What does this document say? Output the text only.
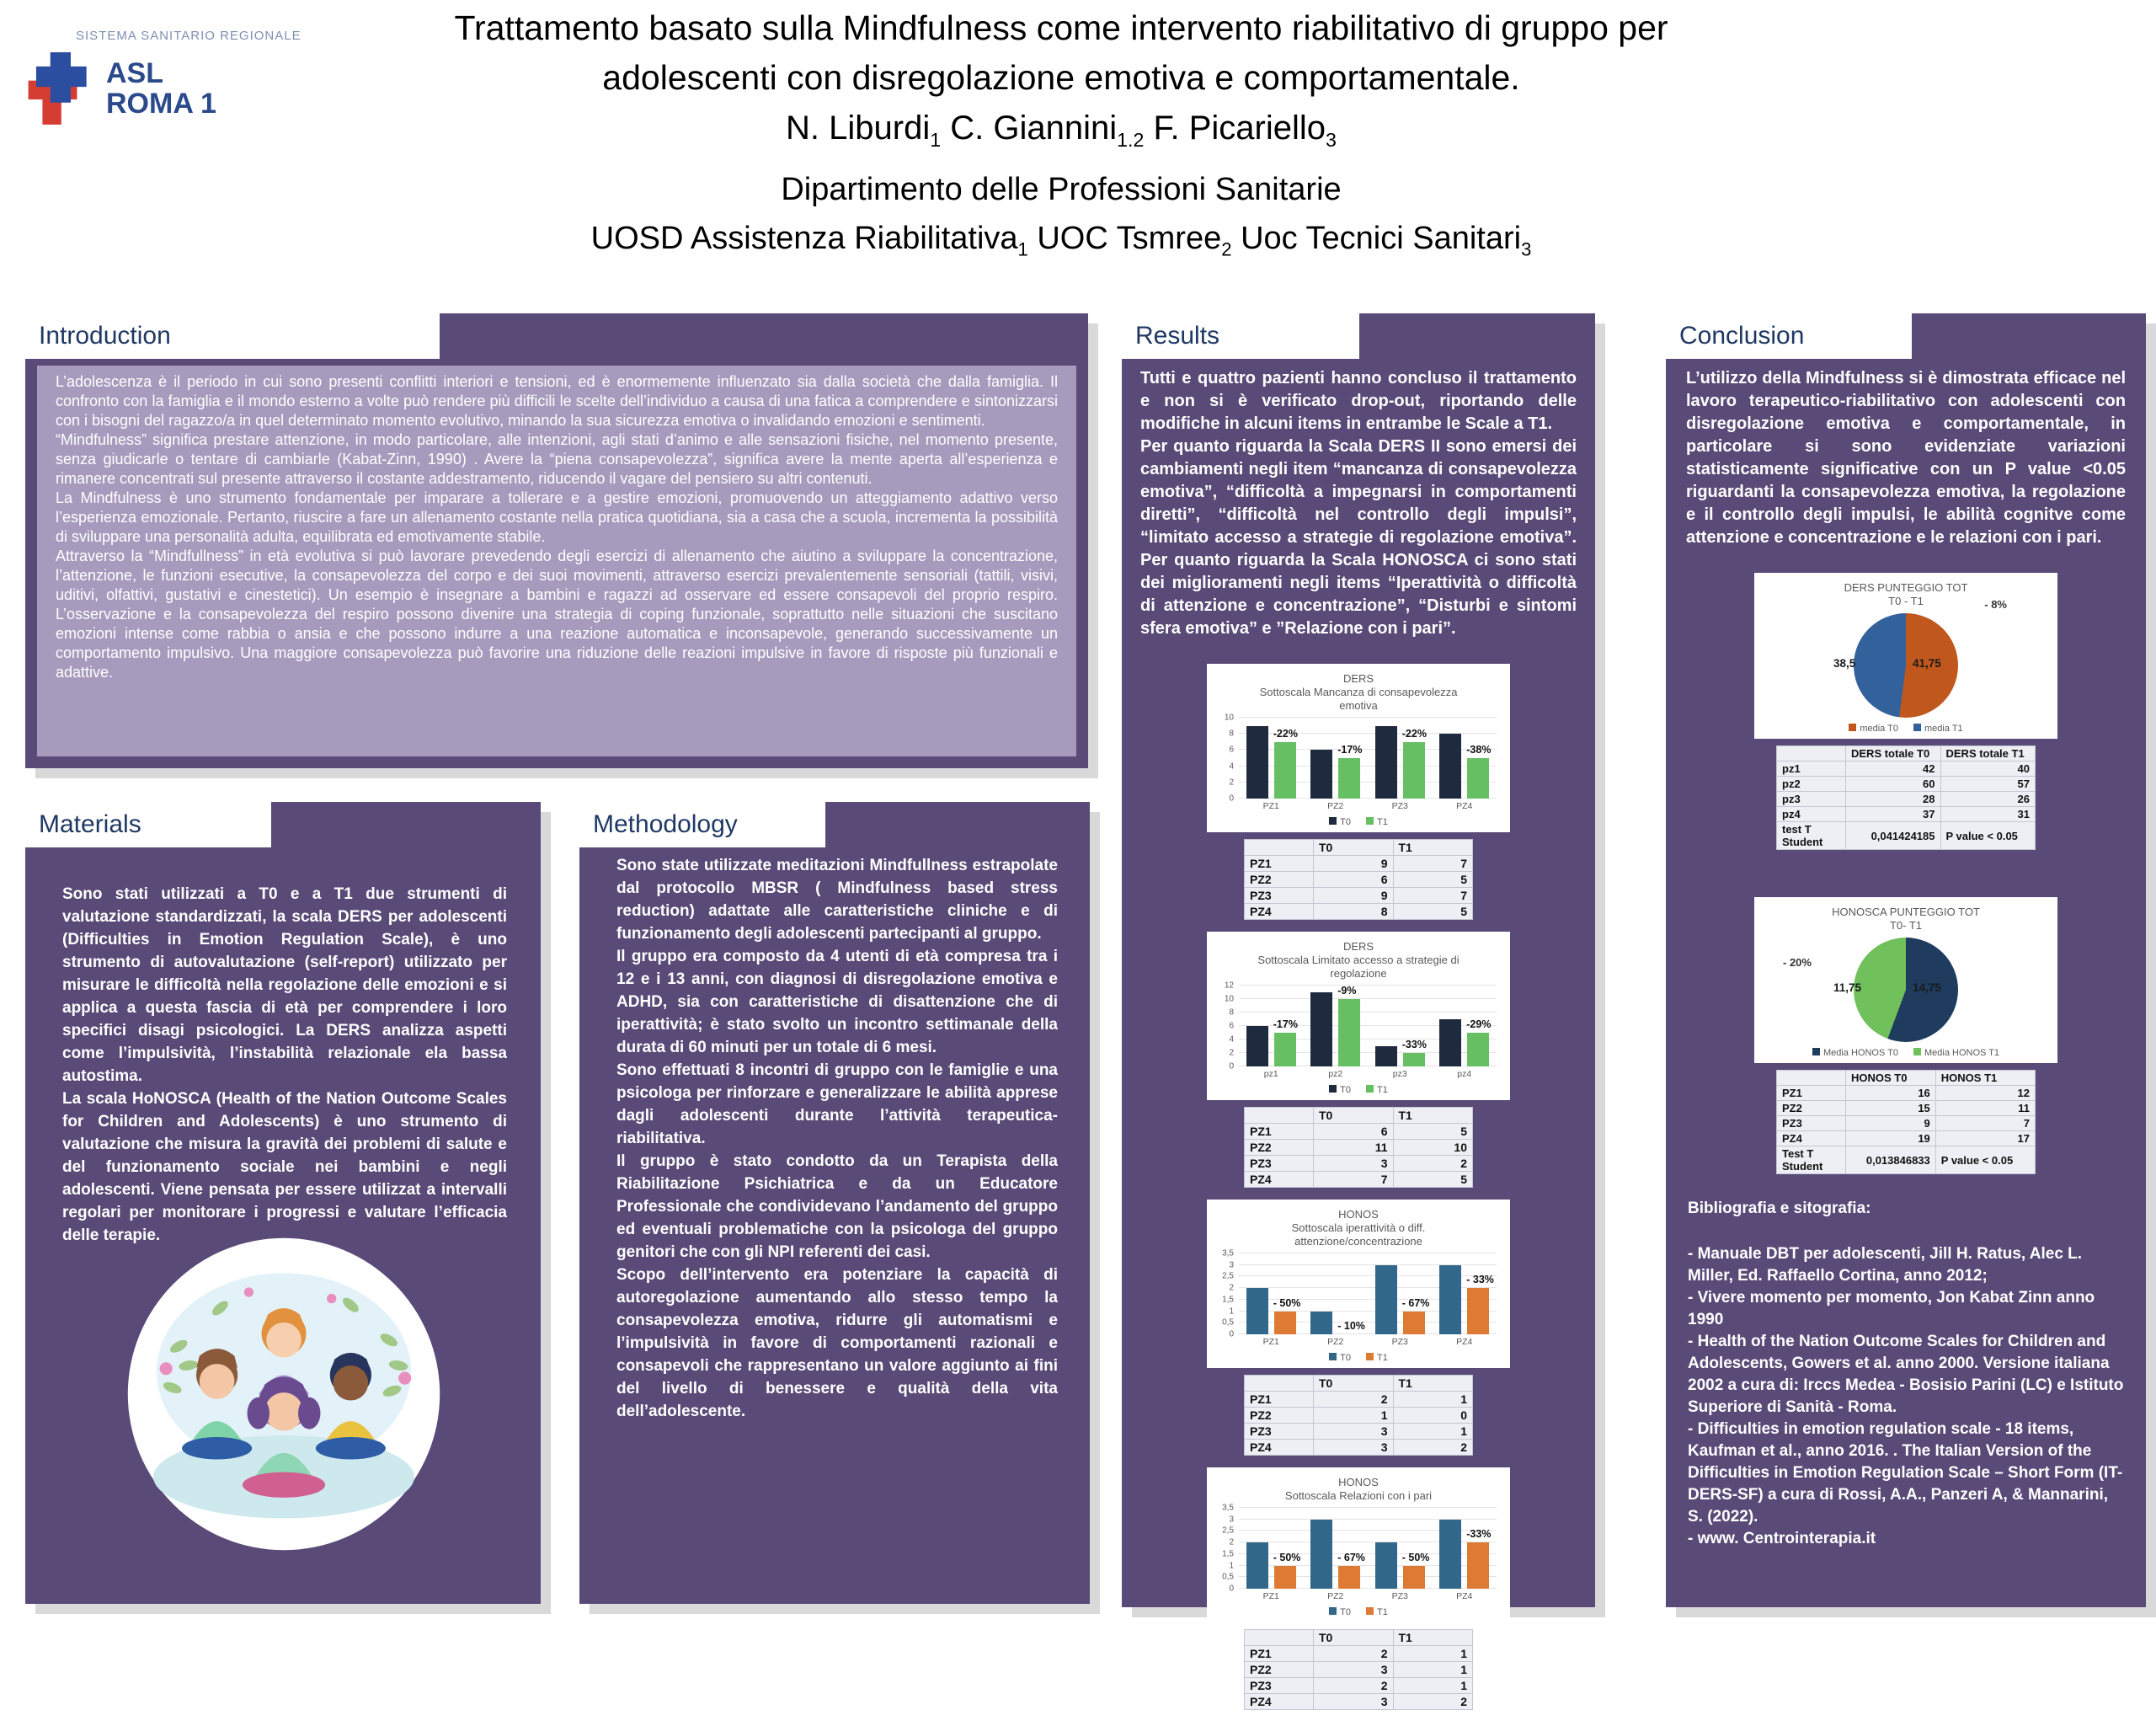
SISTEMA SANITARIO REGIONALE
ASL
ROMA 1
Trattamento basato sulla Mindfulness come intervento riabilitativo di gruppo per
adolescenti con disregolazione emotiva e comportamentale.
N. Liburdi$_1$ C. Giannini$_{1.2}$ F. Picariello$_3$
Dipartimento delle Professioni Sanitarie
UOSD Assistenza Riabilitativa$_1$ UOC Tsmree$_2$ Uoc Tecnici Sanitari$_3$
Introduction

L’adolescenza è il periodo in cui sono presenti conflitti interiori e tensioni, ed è enormemente influenzato sia dalla società che dalla famiglia. Il confronto con la famiglia e il mondo esterno a volte può rendere più difficili le scelte dell’individuo a causa di una fatica a comprendere e sintonizzarsi con i bisogni del ragazzo/a in quel determinato momento evolutivo, minando la sua sicurezza emotiva o invalidando emozioni e sentimenti.

“Mindfulness” significa prestare attenzione, in modo particolare, alle intenzioni, agli stati d’animo e alle sensazioni fisiche, nel momento presente, senza giudicarle o tentare di cambiarle (Kabat-Zinn, 1990) . Avere la “piena consapevolezza”, significa avere la mente aperta all’esperienza e rimanere concentrati sul presente attraverso il costante addestramento, riducendo il vagare del pensiero su altri contenuti.

La Mindfulness è uno strumento fondamentale per imparare a tollerare e a gestire emozioni, promuovendo un atteggiamento adattivo verso l’esperienza emozionale. Pertanto, riuscire a fare un allenamento costante nella pratica quotidiana, sia a casa che a scuola, incrementa la possibilità di sviluppare una personalità adulta, equilibrata ed emotivamente stabile.

Attraverso la “Mindfullness” in età evolutiva si può lavorare prevedendo degli esercizi di allenamento che aiutino a sviluppare la concentrazione, l’attenzione, le funzioni esecutive, la consapevolezza del corpo e dei suoi movimenti, attraverso esercizi prevalentemente sensoriali (tattili, visivi, uditivi, olfattivi, gustativi e cinestetici). Un esempio è insegnare a bambini e ragazzi ad osservare ed essere consapevoli del proprio respiro. L’osservazione e la consapevolezza del respiro possono divenire una strategia di coping funzionale, soprattutto nelle situazioni che suscitano emozioni intense come rabbia o ansia e che possono indurre a una reazione automatica e inconsapevole, generando successivamente un comportamento impulsivo. Una maggiore consapevolezza può favorire una riduzione delle reazioni impulsive in favore di risposte più funzionali e adattive.

Materials

Sono stati utilizzati a T0 e a T1 due strumenti di valutazione standardizzati, la scala DERS per adolescenti (Difficulties in Emotion Regulation Scale), è uno strumento di autovalutazione (self-report) utilizzato per misurare le difficoltà nella regolazione delle emozioni e si applica a questa fascia di età per comprendere i loro specifici disagi psicologici. La DERS analizza aspetti come l’impulsività, l’instabilità relazionale ela bassa autostima.

La scala HoNOSCA (Health of the Nation Outcome Scales for Children and Adolescents) è uno strumento di valutazione che misura la gravità dei problemi di salute e del funzionamento sociale nei bambini e negli adolescenti. Viene pensata per essere utilizzat a intervalli regolari per monitorare i progressi e valutare l’efficacia delle terapie.

Methodology

Sono state utilizzate meditazioni Mindfullness estrapolate dal protocollo MBSR ( Mindfulness based stress reduction) adattate alle caratteristiche cliniche e di funzionamento degli adolescenti partecipanti al gruppo.

Il gruppo era composto da 4 utenti di età compresa tra i 12 e i 13 anni, con diagnosi di disregolazione emotiva e ADHD, sia con caratteristiche di disattenzione che di iperattività; è stato svolto un incontro settimanale della durata di 60 minuti per un totale di 6 mesi.

Sono effettuati 8 incontri di gruppo con le famiglie e una psicologa per rinforzare e generalizzare le abilità apprese dagli adolescenti durante l’attività terapeutica-riabilitativa.

Il gruppo è stato condotto da un Terapista della Riabilitazione Psichiatrica e da un Educatore Professionale che condividevano l’andamento del gruppo ed eventuali problematiche con la psicologa del gruppo genitori che con gli NPI referenti dei casi.

Scopo dell’intervento era potenziare la capacità di autoregolazione aumentando allo stesso tempo la consapevolezza emotiva, ridurre gli automatismi e l’impulsività in favore di comportamenti razionali e consapevoli che rappresentano un valore aggiunto ai fini del livello di benessere e qualità della vita dell’adolescente.

Results

Tutti e quattro pazienti hanno concluso il trattamento e non si è verificato drop-out, riportando delle modifiche in alcuni items in entrambe le Scale a T1.

Per quanto riguarda la Scala DERS II sono emersi dei cambiamenti negli item “mancanza di consapevolezza emotiva”, “difficoltà a impegnarsi in comportamenti diretti”, “difficoltà nel controllo degli impulsi”, “limitato accesso a strategie di regolazione emotiva”. Per quanto riguarda la Scala HONOSCA ci sono stati dei miglioramenti negli items “Iperattività o difficoltà di attenzione e concentrazione”, “Disturbi e sintomi sfera emotiva” e ”Relazione con i pari”.

DERS
Sottoscala Mancanza di consapevolezza
emotiva
0
2
4
6
8
10
-22%
-17%
-22%
-38%
PZ1	PZ2	PZ3	PZ4
T0	T1
	T0	T1
PZ1	9	7
PZ2	6	5
PZ3	9	7
PZ4	8	5
DERS
Sottoscala Limitato accesso a strategie di
regolazione
0
2
4
6
8
10
12
-17%
-9%
-33%
-29%
pz1	pz2	pz3	pz4
T0	T1
	T0	T1
PZ1	6	5
PZ2	11	10
PZ3	3	2
PZ4	7	5
HONOS
Sottoscala iperattività o diff.
attenzione/concentrazione
0
0,5
1
1,5
2
2,5
3
3,5
- 50%
- 10%
- 67%
- 33%
PZ1	PZ2	PZ3	PZ4
T0	T1
	T0	T1
PZ1	2	1
PZ2	1	0
PZ3	3	1
PZ4	3	2
HONOS
Sottoscala Relazioni con i pari
0
0,5
1
1,5
2
2,5
3
3,5
- 50%	- 67%	- 50%
-33%
PZ1	PZ2	PZ3	PZ4
T0	T1
	T0	T1
PZ1	2	1
PZ2	3	1
PZ3	2	1
PZ4	3	2
Conclusion

L’utilizzo della Mindfulness si è dimostrata efficace nel lavoro terapeutico-riabilitativo con adolescenti con disregolazione emotiva e comportamentale, in particolare si sono evidenziate variazioni statisticamente significative con un P value <0.05 riguardanti la consapevolezza emotiva, la regolazione e il controllo degli impulsi, le abilità cognitve come attenzione e concentrazione e le relazioni con i pari.

DERS PUNTEGGIO TOT
T0 - T1
41,75
38,5
- 8%
media T0	media T1
	DERS totale T0	DERS totale T1
pz1	42	40
pz2	60	57
pz3	28	26
pz4	37	31
test T Student	0,041424185	P value < 0.05
HONOSCA PUNTEGGIO TOT
T0- T1
14,75
11,75
- 20%
Media HONOS T0	Media HONOS T1
	HONOS T0	HONOS T1
PZ1	16	12
PZ2	15	11
PZ3	9	7
PZ4	19	17
Test T Student	0,013846833	P value < 0.05
Bibliografia e sitografia:

- Manuale DBT per adolescenti, Jill H. Ratus, Alec L. Miller, Ed. Raffaello Cortina, anno 2012;

- Vivere momento per momento, Jon Kabat Zinn anno 1990

- Health of the Nation Outcome Scales for Children and Adolescents, Gowers et al. anno 2000. Versione italiana 2002 a cura di: Irccs Medea - Bosisio Parini (LC) e Istituto Superiore di Sanità - Roma.

- Difficulties in emotion regulation scale - 18 items, Kaufman et al., anno 2016. . The Italian Version of the Difficulties in Emotion Regulation Scale – Short Form (IT-DERS-SF) a cura di Rossi, A.A., Panzeri A, & Mannarini, S. (2022).

- www. Centrointerapia.it
